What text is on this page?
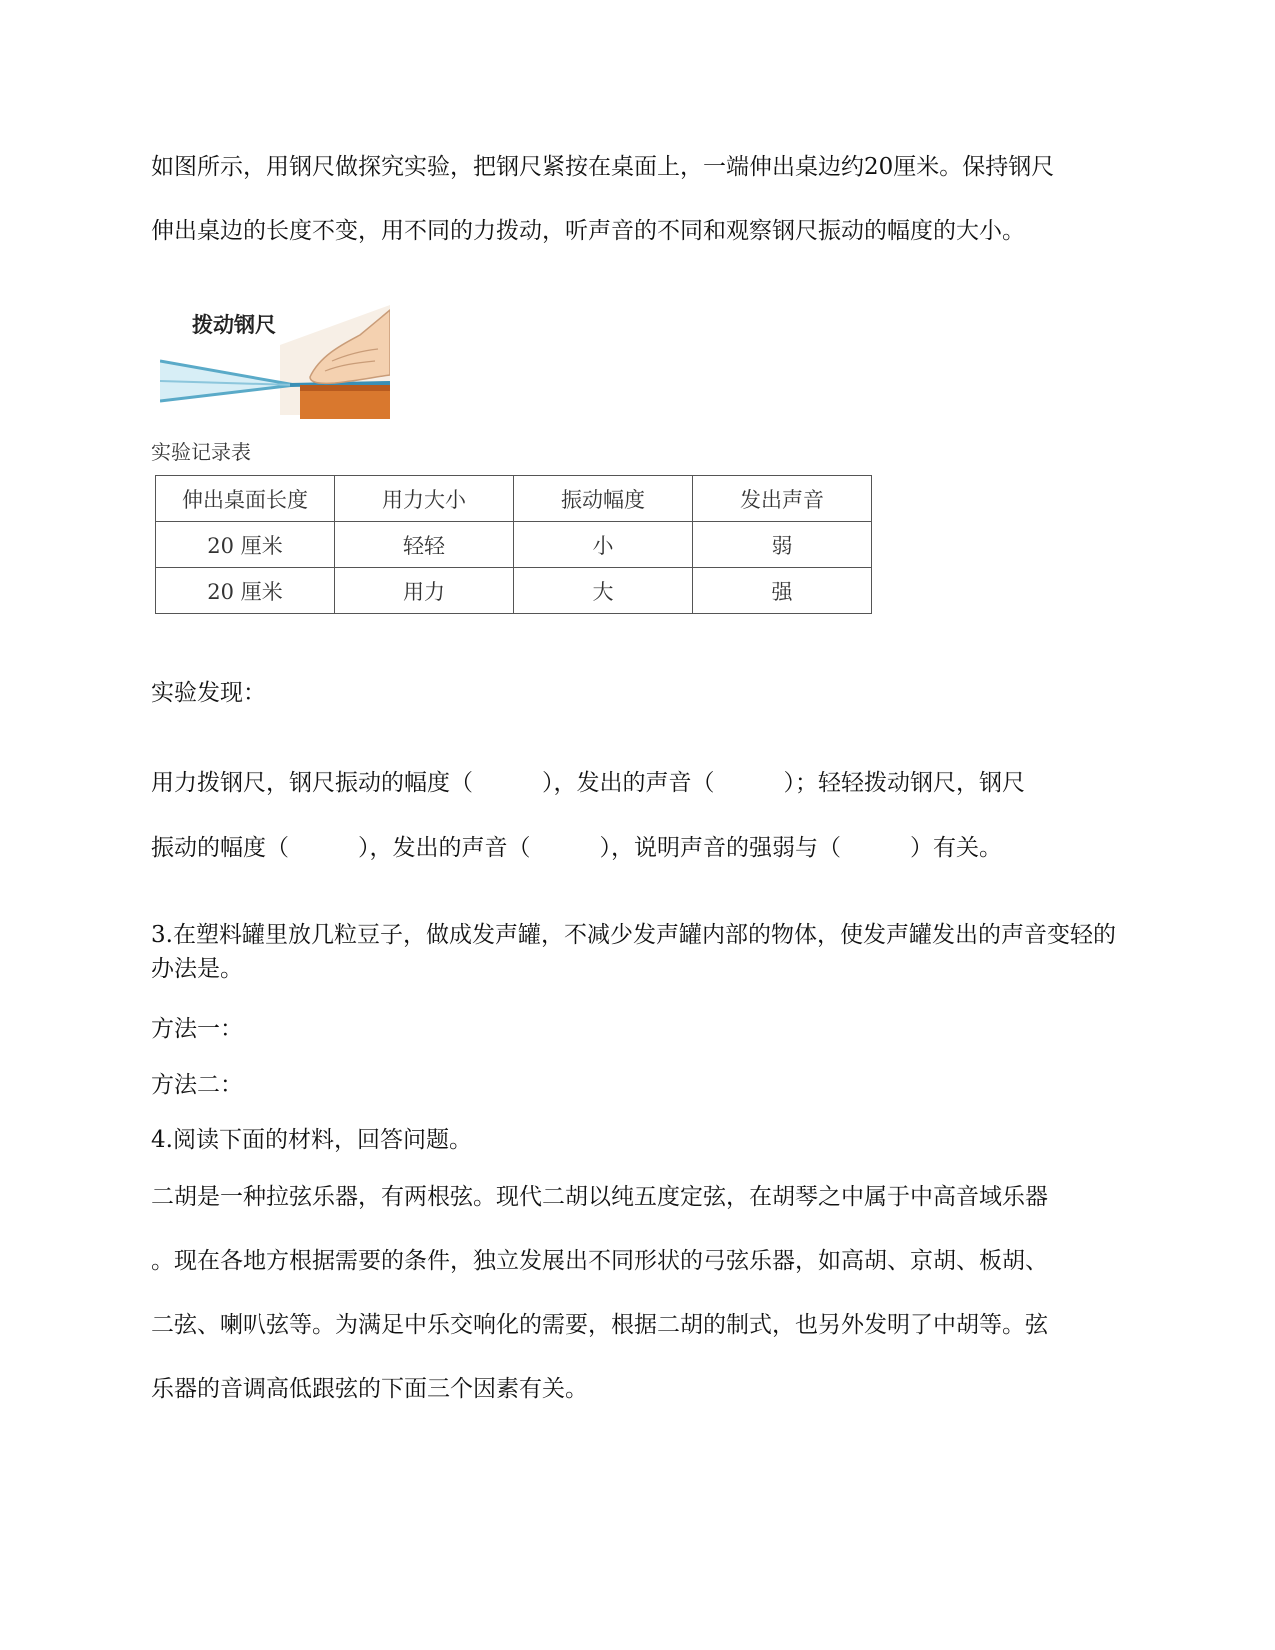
如图所示，用钢尺做探究实验，把钢尺紧按在桌面上，一端伸出桌边约20厘米。保持钢尺

伸出桌边的长度不变，用不同的力拨动，听声音的不同和观察钢尺振动的幅度的大小。

拨动钢尺
实验记录表
伸出桌面长度	用力大小	振动幅度	发出声音
20 厘米	轻轻	小	弱
20 厘米	用力	大	强

实验发现：

用力拨钢尺，钢尺振动的幅度（　　　），发出的声音（　　　）；轻轻拨动钢尺，钢尺

振动的幅度（　　　），发出的声音（　　　），说明声音的强弱与（　　　）有关。

3.在塑料罐里放几粒豆子，做成发声罐，不减少发声罐内部的物体，使发声罐发出的声音变轻的办法是。

方法一：

方法二：

4.阅读下面的材料，回答问题。

二胡是一种拉弦乐器，有两根弦。现代二胡以纯五度定弦，在胡琴之中属于中高音域乐器

。现在各地方根据需要的条件，独立发展出不同形状的弓弦乐器，如高胡、京胡、板胡、

二弦、喇叭弦等。为满足中乐交响化的需要，根据二胡的制式，也另外发明了中胡等。弦

乐器的音调高低跟弦的下面三个因素有关。
